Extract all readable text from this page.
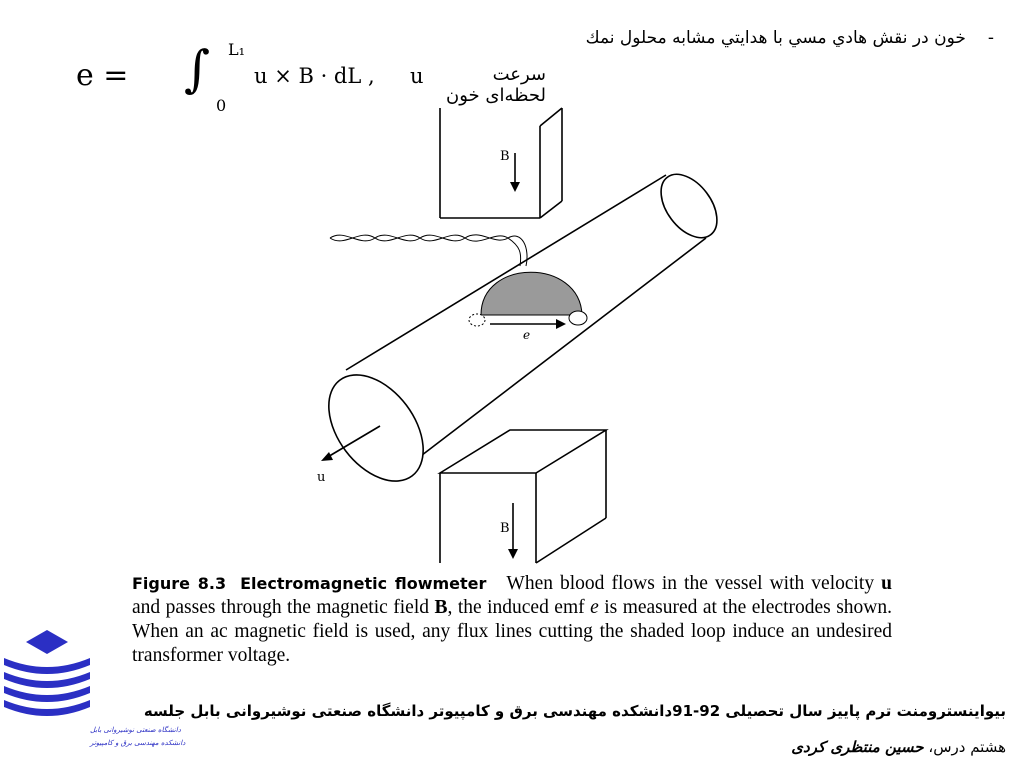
-
خون در نقش هادي مسي با هدايتي مشابه محلول نمك
e = ∫ L₁
0
u × B · dL , u	سرعت لحظه‌ای خون
B
e
u
B
Figure 8.3 Electromagnetic flowmeter When blood flows in the vessel with velocity u and passes through the magnetic field B, the induced emf e is measured at the electrodes shown. When an ac magnetic field is used, any flux lines cutting the shaded loop induce an undesired transformer voltage.
دانشگاه صنعتی نوشیروانی بابل
دانشکده مهندسی برق و کامپیوتر
بیواینسترومنت ترم پاییز سال تحصیلی 92-91دانشکده مهندسی برق و کامپیوتر دانشگاه صنعتی نوشیروانی بابل جلسه
هشتم درس، حسین منتظری کردی
